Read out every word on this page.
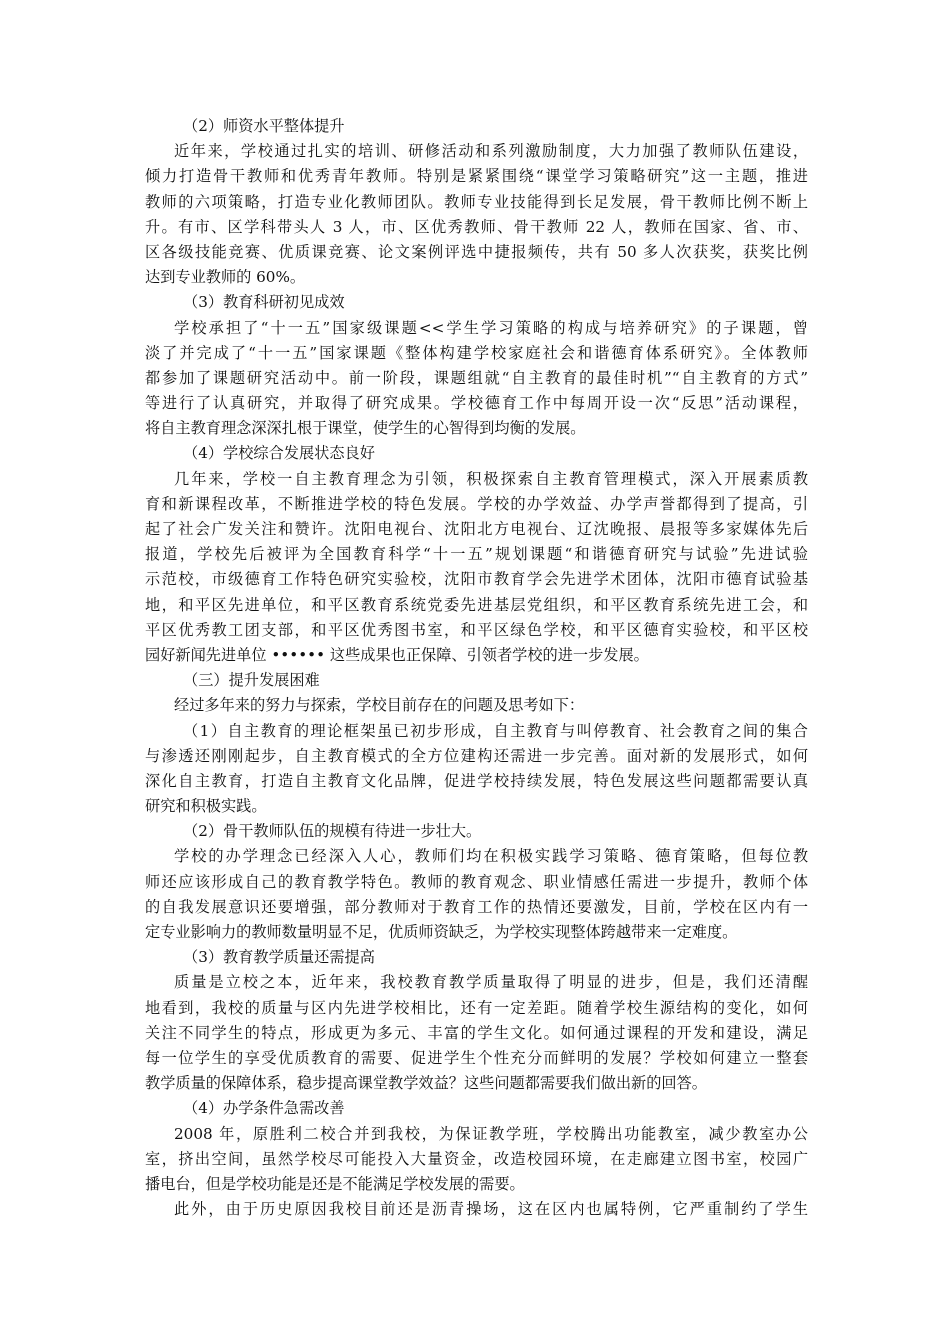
（2）师资水平整体提升
近年来，学校通过扎实的培训、研修活动和系列激励制度，大力加强了教师队伍建设，
倾力打造骨干教师和优秀青年教师。特别是紧紧围绕“课堂学习策略研究”这一主题，推进
教师的六项策略，打造专业化教师团队。教师专业技能得到长足发展，骨干教师比例不断上
升。有市、区学科带头人 3 人，市、区优秀教师、骨干教师 22 人，教师在国家、省、市、
区各级技能竞赛、优质课竞赛、论文案例评选中捷报频传，共有 50 多人次获奖，获奖比例
达到专业教师的 60%。
（3）教育科研初见成效
学校承担了“十一五”国家级课题<<学生学习策略的构成与培养研究》的子课题，曾
淡了并完成了“十一五”国家课题《整体构建学校家庭社会和谐德育体系研究》。全体教师
都参加了课题研究活动中。前一阶段，课题组就“自主教育的最佳时机”“自主教育的方式”
等进行了认真研究，并取得了研究成果。学校德育工作中每周开设一次“反思”活动课程，
将自主教育理念深深扎根于课堂，使学生的心智得到均衡的发展。
（4）学校综合发展状态良好
几年来，学校一自主教育理念为引领，积极探索自主教育管理模式，深入开展素质教
育和新课程改革，不断推进学校的特色发展。学校的办学效益、办学声誉都得到了提高，引
起了社会广发关注和赞许。沈阳电视台、沈阳北方电视台、辽沈晚报、晨报等多家媒体先后
报道，学校先后被评为全国教育科学“十一五”规划课题“和谐德育研究与试验”先进试验
示范校，市级德育工作特色研究实验校，沈阳市教育学会先进学术团体，沈阳市德育试验基
地，和平区先进单位，和平区教育系统党委先进基层党组织，和平区教育系统先进工会，和
平区优秀教工团支部，和平区优秀图书室，和平区绿色学校，和平区德育实验校，和平区校
园好新闻先进单位 •••••• 这些成果也正保障、引领者学校的进一步发展。
（三）提升发展困难
经过多年来的努力与探索，学校目前存在的问题及思考如下：
（1）自主教育的理论框架虽已初步形成，自主教育与叫停教育、社会教育之间的集合
与渗透还刚刚起步，自主教育模式的全方位建构还需进一步完善。面对新的发展形式，如何
深化自主教育，打造自主教育文化品牌，促进学校持续发展，特色发展这些问题都需要认真
研究和积极实践。
（2）骨干教师队伍的规模有待进一步壮大。
学校的办学理念已经深入人心，教师们均在积极实践学习策略、德育策略，但每位教
师还应该形成自己的教育教学特色。教师的教育观念、职业情感任需进一步提升，教师个体
的自我发展意识还要增强，部分教师对于教育工作的热情还要激发，目前，学校在区内有一
定专业影响力的教师数量明显不足，优质师资缺乏，为学校实现整体跨越带来一定难度。
（3）教育教学质量还需提高
质量是立校之本，近年来，我校教育教学质量取得了明显的进步，但是，我们还清醒
地看到，我校的质量与区内先进学校相比，还有一定差距。随着学校生源结构的变化，如何
关注不同学生的特点，形成更为多元、丰富的学生文化。如何通过课程的开发和建设，满足
每一位学生的享受优质教育的需要、促进学生个性充分而鲜明的发展？学校如何建立一整套
教学质量的保障体系，稳步提高课堂教学效益？这些问题都需要我们做出新的回答。
（4）办学条件急需改善
2008 年，原胜利二校合并到我校，为保证教学班，学校腾出功能教室，减少教室办公
室，挤出空间，虽然学校尽可能投入大量资金，改造校园环境，在走廊建立图书室，校园广
播电台，但是学校功能是还是不能满足学校发展的需要。
此外，由于历史原因我校目前还是沥青操场，这在区内也属特例，它严重制约了学生
